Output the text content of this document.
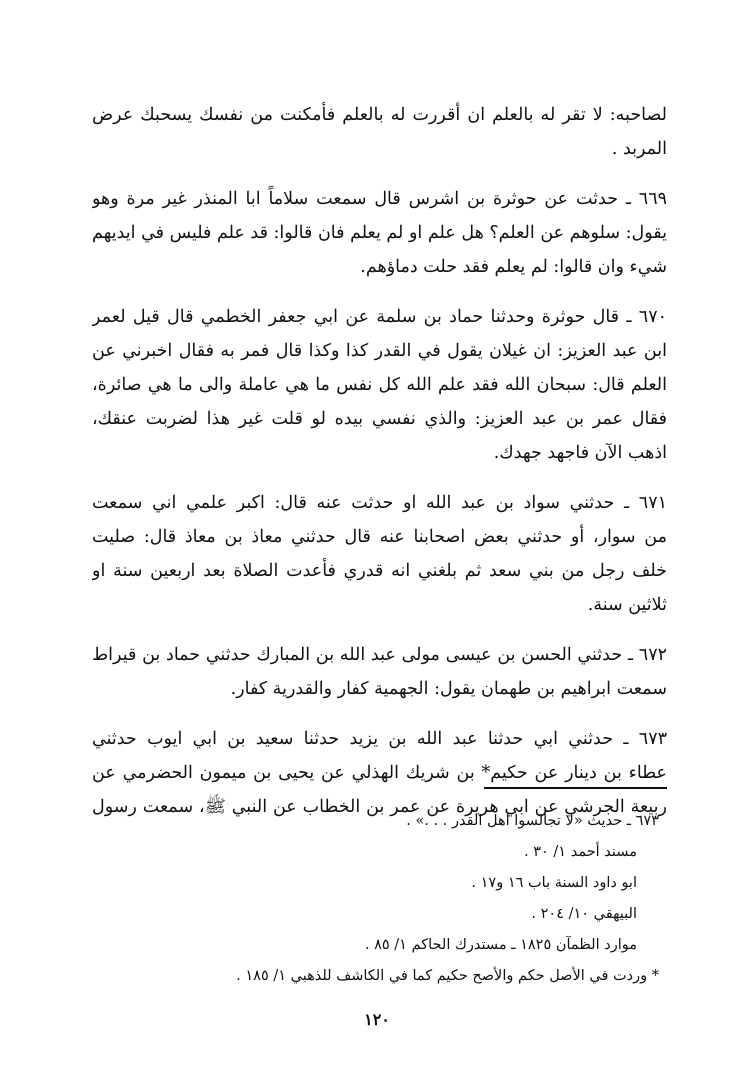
لصاحبه: لا تقر له بالعلم ان أقررت له بالعلم فأمكنت من نفسك يسحبك عرض
المربد .
٦٦٩ ـ حدثت عن حوثرة بن اشرس قال سمعت سلاماً ابا المنذر غير مرة وهو
يقول: سلوهم عن العلم؟ هل علم او لم يعلم فان قالوا: قد علم فليس في ايديهم
شيء وان قالوا: لم يعلم فقد حلت دماؤهم.
٦٧٠ ـ قال حوثرة وحدثنا حماد بن سلمة عن ابي جعفر الخطمي قال قيل لعمر
ابن عبد العزيز: ان غيلان يقول في القدر كذا وكذا قال فمر به فقال اخبرني عن
العلم قال: سبحان الله فقد علم الله كل نفس ما هي عاملة والى ما هي صائرة،
فقال عمر بن عبد العزيز: والذي نفسي بيده لو قلت غير هذا لضربت عنقك،
اذهب الآن فاجهد جهدك.
٦٧١ ـ حدثني سواد بن عبد الله او حدثت عنه قال: اكبر علمي اني سمعت
من سوار، أو حدثني بعض اصحابنا عنه قال حدثني معاذ بن معاذ قال: صليت
خلف رجل من بني سعد ثم بلغني انه قدري فأعدت الصلاة بعد اربعين سنة او
ثلاثين سنة.
٦٧٢ ـ حدثني الحسن بن عيسى مولى عبد الله بن المبارك حدثني حماد بن قيراط
سمعت ابراهيم بن طهمان يقول: الجهمية كفار والقدرية كفار.
٦٧٣ ـ حدثني ابي حدثنا عبد الله بن يزيد حدثنا سعيد بن ابي ايوب حدثني
عطاء بن دينار عن حكيم* بن شريك الهذلي عن يحيى بن ميمون الحضرمي عن
ربيعة الجرشي عن ابي هريرة عن عمر بن الخطاب عن النبي ﷺ، سمعت رسول
٦٧٣ ـ حديث «لا تجالسوا اهل القدر . . .» .
مسند أحمد ١/ ٣٠ .
ابو داود السنة باب ١٦ و١٧ .
البيهقي ١٠/ ٢٠٤ .
موارد الظمآن ١٨٢٥ ـ مستدرك الحاكم ١/ ٨٥ .
* وردت في الأصل حكم والأصح حكيم كما في الكاشف للذهبي ١/ ١٨٥ .
١٢٠
